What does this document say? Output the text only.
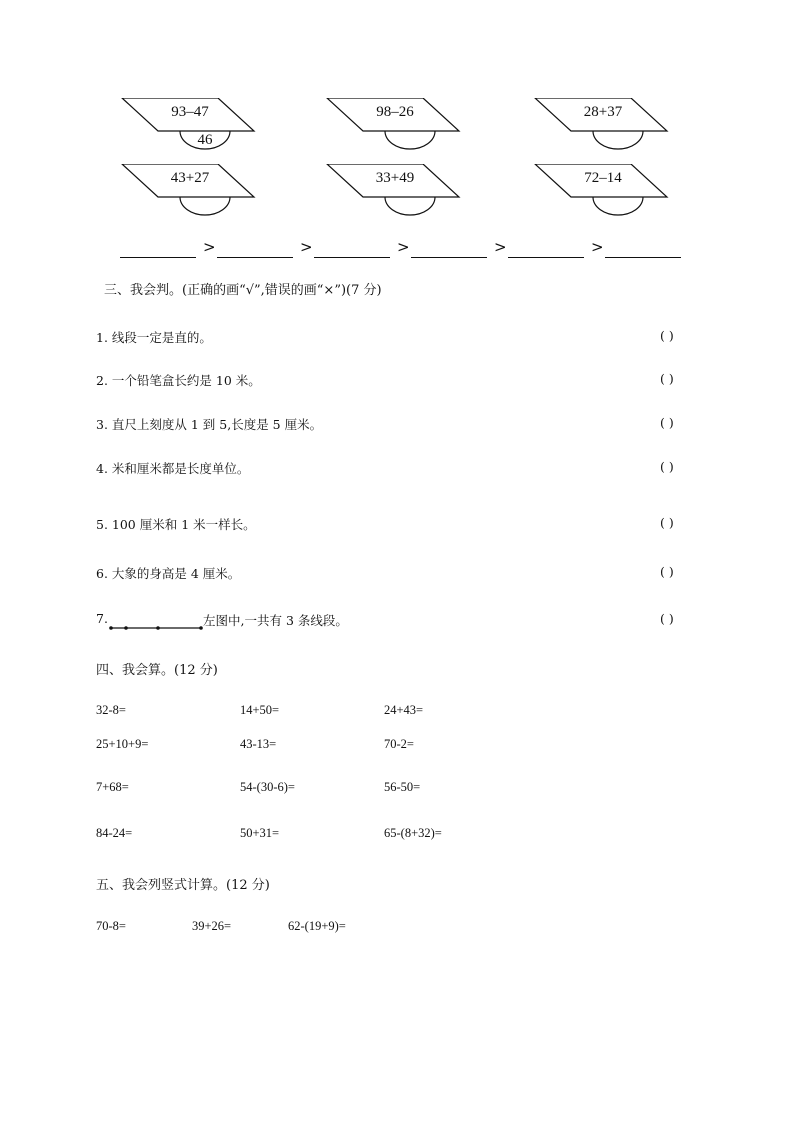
93–47
46
98–26	28+37
43+27	33+49	72–14
>	>	>	>	>
三、我会判。(正确的画“√”,错误的画“×”)(7 分)
1. 线段一定是直的。	( )
2. 一个铅笔盒长约是 10 米。	( )
3. 直尺上刻度从 1 到 5,长度是 5 厘米。	( )
4. 米和厘米都是长度单位。	( )
5. 100 厘米和 1 米一样长。	( )
6. 大象的身高是 4 厘米。	( )
7.	左图中,一共有 3 条线段。	( )
四、我会算。(12 分)
32-8=	14+50=	24+43=
25+10+9=	43-13=	70-2=
7+68=	54-(30-6)=	56-50=
84-24=	50+31=	65-(8+32)=
五、我会列竖式计算。(12 分)
70-8=	39+26=	62-(19+9)=
